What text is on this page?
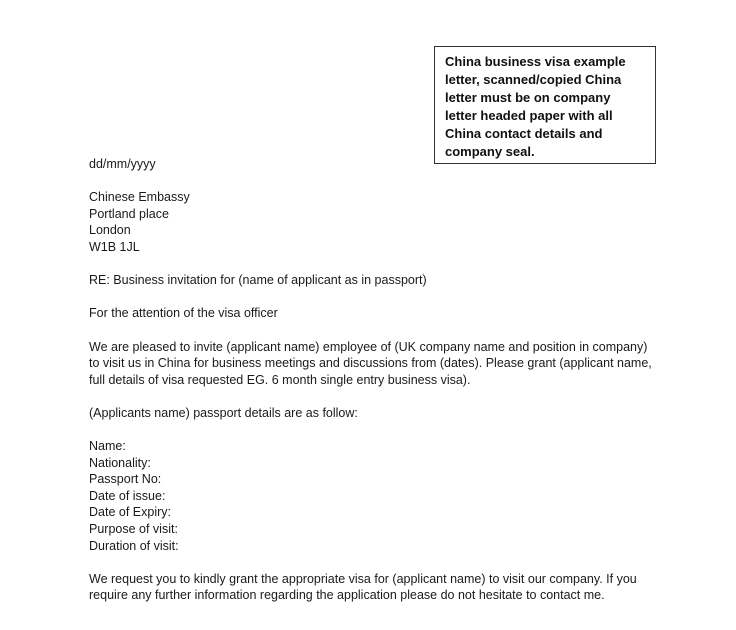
China business visa example letter, scanned/copied China letter must be on company letter headed paper with all China contact details and company seal.
dd/mm/yyyy
Chinese Embassy
Portland place
London
W1B 1JL
RE: Business invitation for (name of applicant as in passport)
For the attention of the visa officer
We are pleased to invite (applicant name) employee of (UK company name and position in company)
to visit us in China for business meetings and discussions from (dates). Please grant (applicant name,
full details of visa requested EG. 6 month single entry business visa).
(Applicants name) passport details are as follow:
Name:
Nationality:
Passport No:
Date of issue:
Date of Expiry:
Purpose of visit:
Duration of visit:
We request you to kindly grant the appropriate visa for (applicant name) to visit our company. If you
require any further information regarding the application please do not hesitate to contact me.
